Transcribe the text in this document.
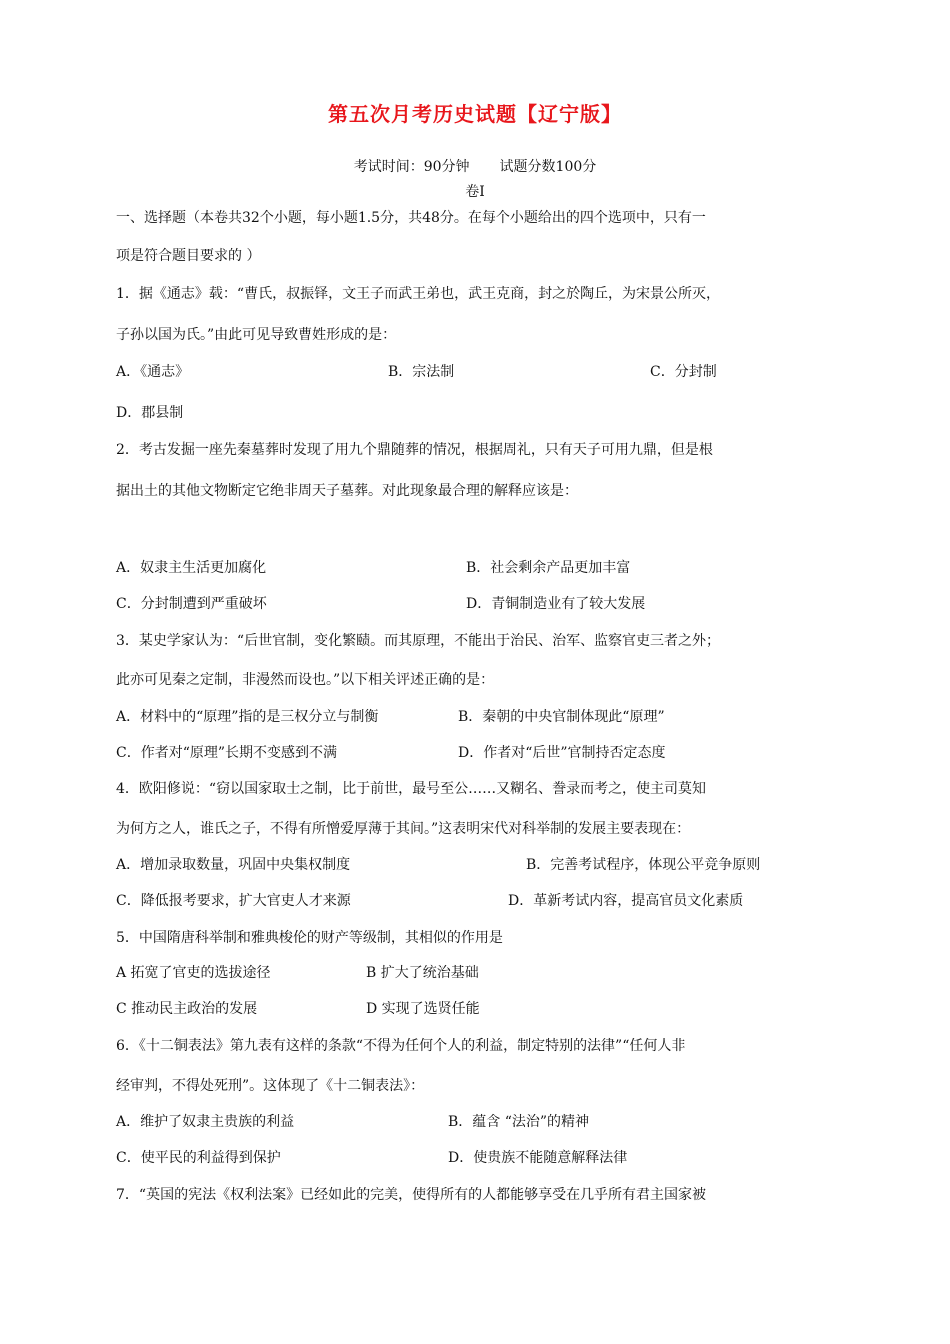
第五次月考历史试题【辽宁版】
考试时间：90分钟 试题分数100分
卷I
一、选择题（本卷共32个小题，每小题1.5分，共48分。在每个小题给出的四个选项中，只有一
项是符合题目要求的 ）
1．据《通志》载：“曹氏，叔振铎，文王子而武王弟也，武王克商，封之於陶丘，为宋景公所灭，
子孙以国为氏。”由此可见导致曹姓形成的是：
A．《通志》	B．宗法制	C．分封制
D．郡县制
2．考古发掘一座先秦墓葬时发现了用九个鼎随葬的情况，根据周礼，只有天子可用九鼎，但是根
据出土的其他文物断定它绝非周天子墓葬。对此现象最合理的解释应该是：
A．奴隶主生活更加腐化	B．社会剩余产品更加丰富
C．分封制遭到严重破坏	D．青铜制造业有了较大发展
3．某史学家认为：“后世官制，变化繁赜。而其原理，不能出于治民、治军、监察官吏三者之外；
此亦可见秦之定制，非漫然而设也。”以下相关评述正确的是：
A．材料中的“原理”指的是三权分立与制衡	B．秦朝的中央官制体现此“原理”
C．作者对“原理”长期不变感到不满	D．作者对“后世”官制持否定态度
4．欧阳修说：“窃以国家取士之制，比于前世，最号至公……又糊名、誊录而考之，使主司莫知
为何方之人，谁氏之子，不得有所憎爱厚薄于其间。”这表明宋代对科举制的发展主要表现在：
A．增加录取数量，巩固中央集权制度	B．完善考试程序，体现公平竞争原则
C．降低报考要求，扩大官吏人才来源	D．革新考试内容，提高官员文化素质
5．中国隋唐科举制和雅典梭伦的财产等级制，其相似的作用是
A 拓宽了官吏的选拔途径	B 扩大了统治基础
C 推动民主政治的发展	D 实现了选贤任能
6．《十二铜表法》第九表有这样的条款“不得为任何个人的利益，制定特别的法律”“任何人非
经审判，不得处死刑”。这体现了《十二铜表法》：
A．维护了奴隶主贵族的利益	B．蕴含 “法治”的精神
C．使平民的利益得到保护	D．使贵族不能随意解释法律
7．“英国的宪法《权利法案》已经如此的完美，使得所有的人都能够享受在几乎所有君主国家被
